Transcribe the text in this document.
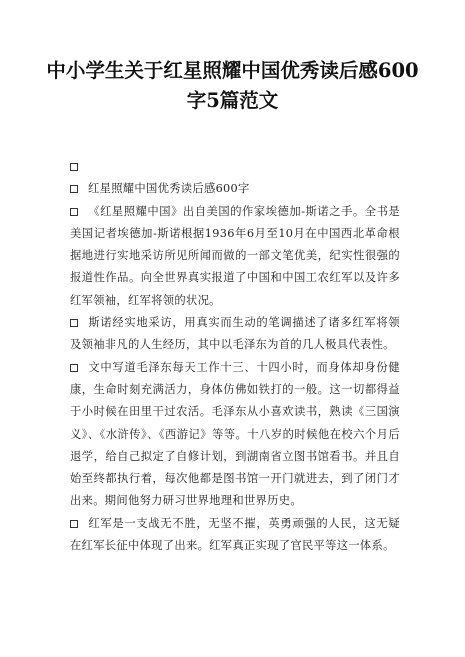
中小学生关于红星照耀中国优秀读后感600
字5篇范文

红星照耀中国优秀读后感600字

《红星照耀中国》出自美国的作家埃德加-斯诺之手。全书是美国记者埃德加-斯诺根据1936年6月至10月在中国西北革命根据地进行实地采访所见所闻而做的一部文笔优美，纪实性很强的报道性作品。向全世界真实报道了中国和中国工农红军以及许多红军领袖，红军将领的状况。

斯诺经实地采访，用真实而生动的笔调描述了诸多红军将领及领袖非凡的人生经历，其中以毛泽东为首的几人极具代表性。

文中写道毛泽东每天工作十三、十四小时，而身体却身份健康，生命时刻充满活力，身体仿佛如铁打的一般。这一切都得益于小时候在田里干过农活。毛泽东从小喜欢读书，熟读《三国演义》、《水浒传》、《西游记》等等。十八岁的时候他在校六个月后退学，给自己拟定了自修计划，到湖南省立图书馆看书。并且自始至终都执行着，每次他都是图书馆一开门就进去，到了闭门才出来。期间他努力研习世界地理和世界历史。

红军是一支战无不胜，无坚不摧，英勇顽强的人民，这无疑在红军长征中体现了出来。红军真正实现了官民平等这一体系。
